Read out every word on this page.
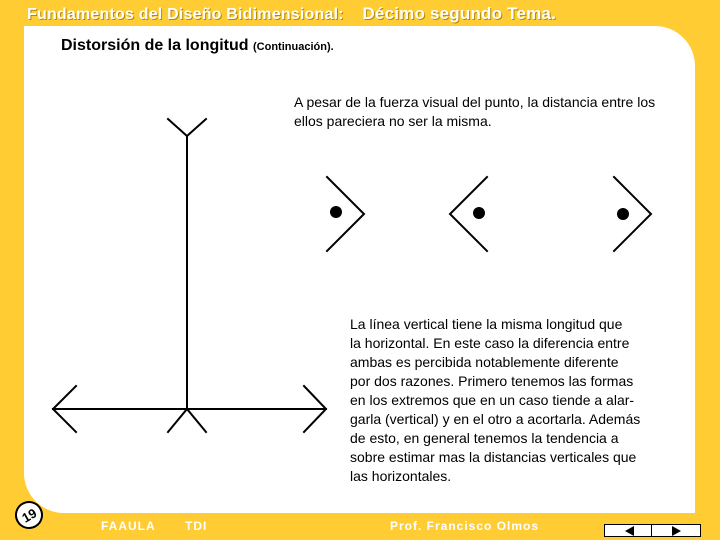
Fundamentos del Diseño Bidimensional: Décimo segundo Tema.
Distorsión de la longitud (Continuación).
A pesar de la fuerza visual del punto, la distancia entre los ellos pareciera no ser la misma.
La línea vertical tiene la misma longitud que
la horizontal. En este caso la diferencia entre
ambas es percibida notablemente diferente
por dos razones. Primero tenemos las formas
en los extremos que en un caso tiende a alar-
garla (vertical) y en el otro a acortarla. Además
de esto, en general tenemos la tendencia a
sobre estimar mas la distancias verticales que
las horizontales.
19
FAAULA TDI	Prof. Francisco Olmos
